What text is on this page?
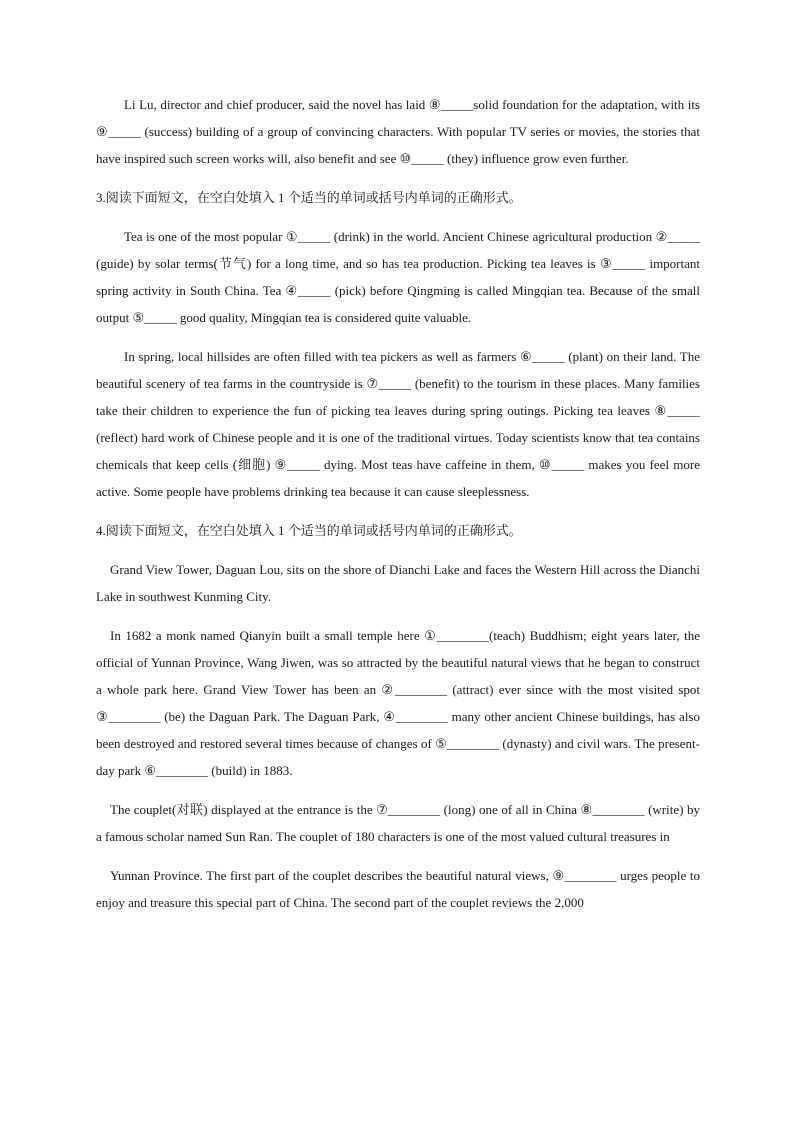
Li Lu, director and chief producer, said the novel has laid ⑧_____solid foundation for the adaptation, with its ⑨_____ (success) building of a group of convincing characters. With popular TV series or movies, the stories that have inspired such screen works will, also benefit and see ⑩_____ (they) influence grow even further.

3.阅读下面短文，在空白处填入 1 个适当的单词或括号内单词的正确形式。

Tea is one of the most popular ①_____ (drink) in the world. Ancient Chinese agricultural production ②_____ (guide) by solar terms(节气) for a long time, and so has tea production. Picking tea leaves is ③_____ important spring activity in South China. Tea ④_____ (pick) before Qingming is called Mingqian tea. Because of the small output ⑤_____ good quality, Mingqian tea is considered quite valuable.

In spring, local hillsides are often filled with tea pickers as well as farmers ⑥_____ (plant) on their land. The beautiful scenery of tea farms in the countryside is ⑦_____ (benefit) to the tourism in these places. Many families take their children to experience the fun of picking tea leaves during spring outings. Picking tea leaves ⑧_____ (reflect) hard work of Chinese people and it is one of the traditional virtues. Today scientists know that tea contains chemicals that keep cells (细胞) ⑨_____ dying. Most teas have caffeine in them, ⑩_____ makes you feel more active. Some people have problems drinking tea because it can cause sleeplessness.

4.阅读下面短文，在空白处填入 1 个适当的单词或括号内单词的正确形式。

Grand View Tower, Daguan Lou, sits on the shore of Dianchi Lake and faces the Western Hill across the Dianchi Lake in southwest Kunming City.

In 1682 a monk named Qianyin built a small temple here ①________(teach) Buddhism; eight years later, the official of Yunnan Province, Wang Jiwen, was so attracted by the beautiful natural views that he began to construct a whole park here. Grand View Tower has been an ②________ (attract) ever since with the most visited spot ③________ (be) the Daguan Park. The Daguan Park, ④________ many other ancient Chinese buildings, has also been destroyed and restored several times because of changes of ⑤________ (dynasty) and civil wars. The present-day park ⑥________ (build) in 1883.

The couplet(对联) displayed at the entrance is the ⑦________ (long) one of all in China ⑧________ (write) by a famous scholar named Sun Ran. The couplet of 180 characters is one of the most valued cultural treasures in

Yunnan Province. The first part of the couplet describes the beautiful natural views, ⑨________ urges people to enjoy and treasure this special part of China. The second part of the couplet reviews the 2,000
